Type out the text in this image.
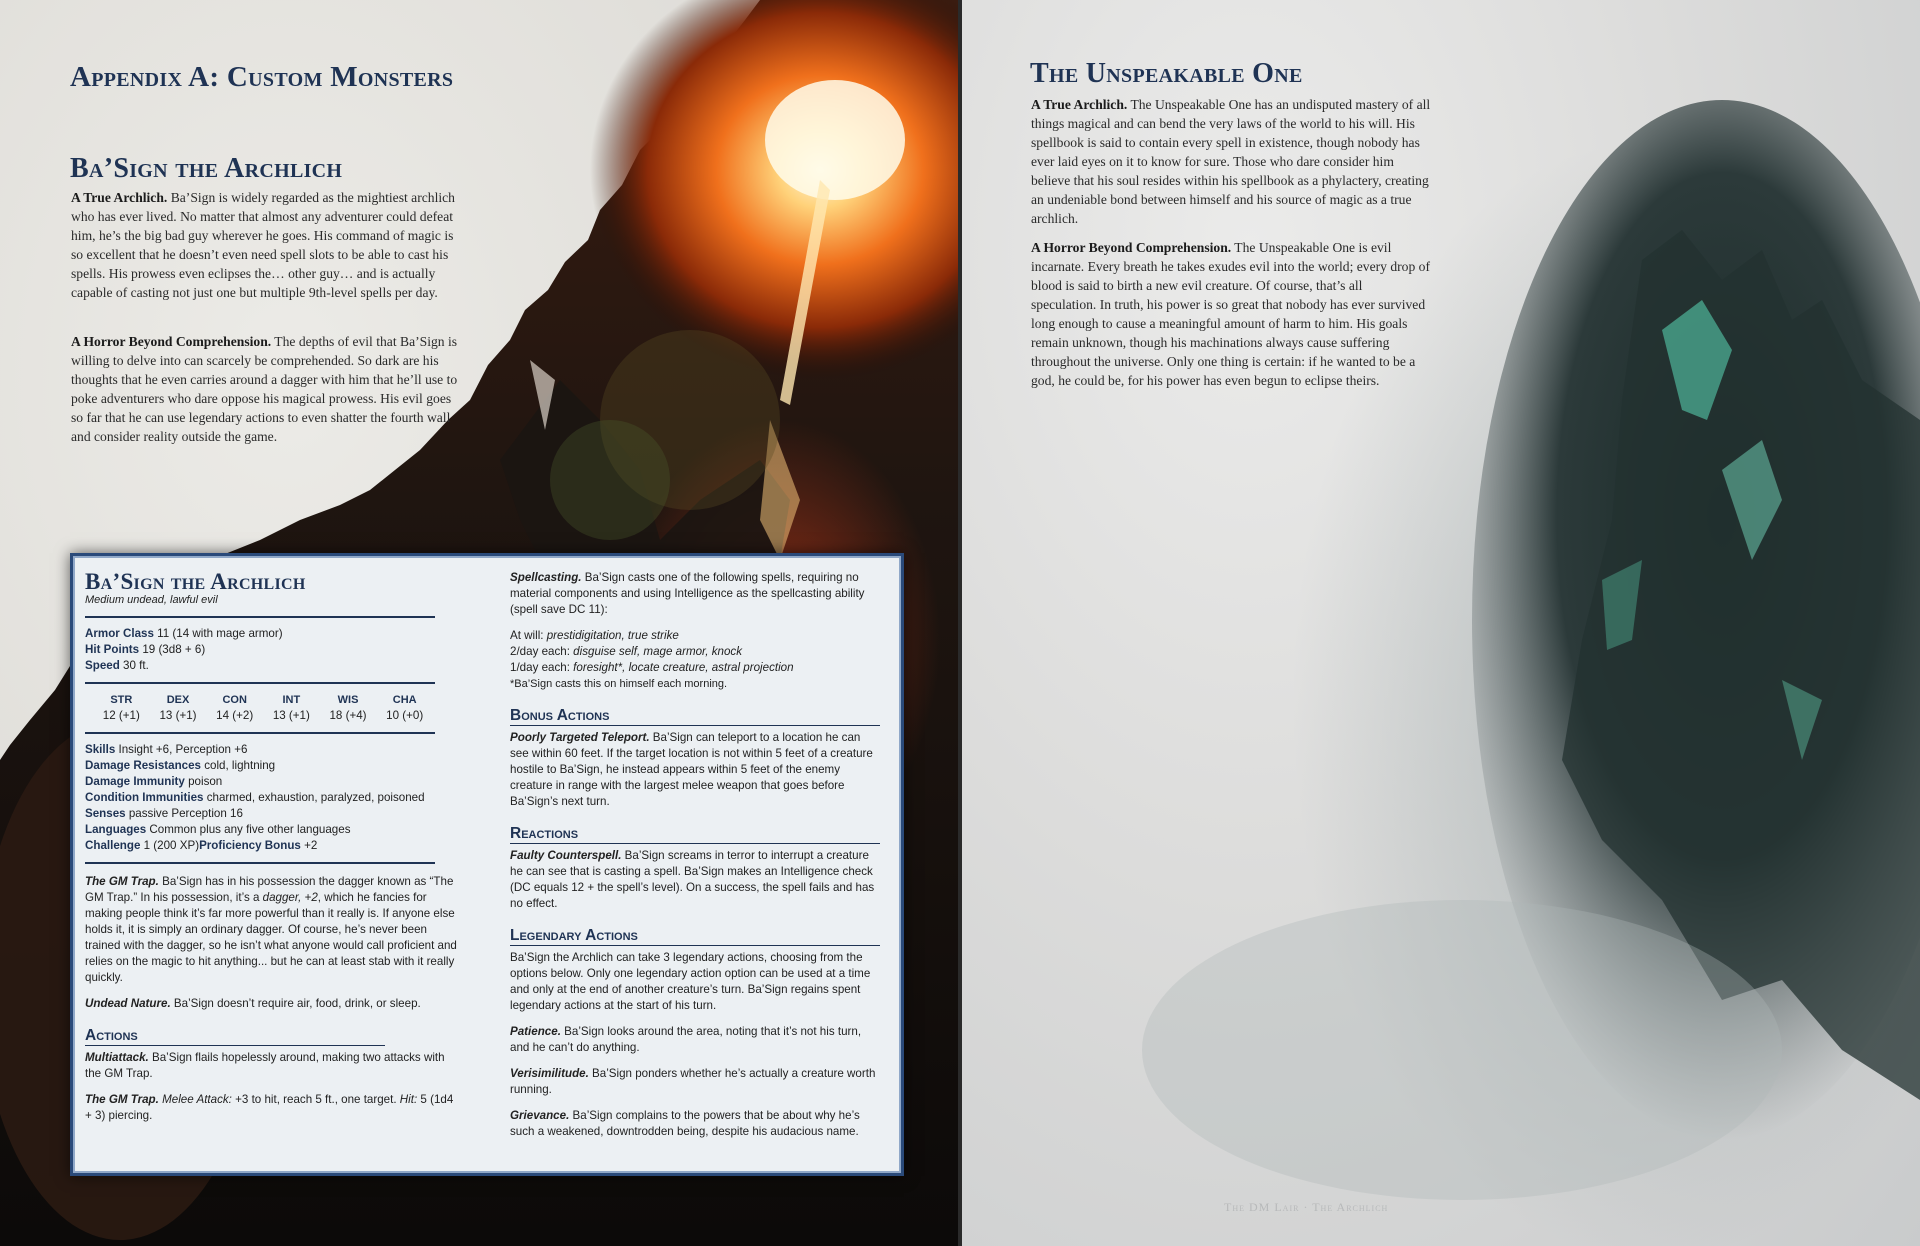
Appendix A: Custom Monsters
Ba’Sign the Archlich

A True Archlich. Ba’Sign is widely regarded as the mightiest archlich who has ever lived. No matter that almost any adventurer could defeat him, he’s the big bad guy wherever he goes. His command of magic is so excellent that he doesn’t even need spell slots to be able to cast his spells. His prowess even eclipses the… other guy… and is actually capable of casting not just one but multiple 9th-level spells per day.

A Horror Beyond Comprehension. The depths of evil that Ba’Sign is willing to delve into can scarcely be comprehended. So dark are his thoughts that he even carries around a dagger with him that he’ll use to poke adventurers who dare oppose his magical prowess. His evil goes so far that he can use legendary actions to even shatter the fourth wall and consider reality outside the game.

Ba’Sign the Archlich
Medium undead, lawful evil
Armor Class 11 (14 with mage armor)
Hit Points 19 (3d8 + 6)
Speed 30 ft.
STR
12 (+1)
DEX
13 (+1)
CON
14 (+2)
INT
13 (+1)
WIS
18 (+4)
CHA
10 (+0)
Skills Insight +6, Perception +6
Damage Resistances cold, lightning
Damage Immunity poison
Condition Immunities charmed, exhaustion, paralyzed, poisoned
Senses passive Perception 16
Languages Common plus any five other languages
Challenge 1 (200 XP)Proficiency Bonus +2
The GM Trap. Ba’Sign has in his possession the dagger known as “The GM Trap.” In his possession, it’s a dagger, +2, which he fancies for making people think it’s far more powerful than it really is. If anyone else holds it, it is simply an ordinary dagger. Of course, he’s never been trained with the dagger, so he isn’t what anyone would call proficient and relies on the magic to hit anything... but he can at least stab with it really quickly.
Undead Nature. Ba’Sign doesn’t require air, food, drink, or sleep.
Actions
Multiattack. Ba’Sign flails hopelessly around, making two attacks with the GM Trap.
The GM Trap. Melee Attack: +3 to hit, reach 5 ft., one target. Hit: 5 (1d4 + 3) piercing.
Spellcasting. Ba’Sign casts one of the following spells, requiring no material components and using Intelligence as the spellcasting ability (spell save DC 11):
At will: prestidigitation, true strike
2/day each: disguise self, mage armor, knock
1/day each: foresight*, locate creature, astral projection
*Ba’Sign casts this on himself each morning.
Bonus Actions
Poorly Targeted Teleport. Ba’Sign can teleport to a location he can see within 60 feet. If the target location is not within 5 feet of a creature hostile to Ba’Sign, he instead appears within 5 feet of the enemy creature in range with the largest melee weapon that goes before Ba’Sign’s next turn.
Reactions
Faulty Counterspell. Ba’Sign screams in terror to interrupt a creature he can see that is casting a spell. Ba’Sign makes an Intelligence check (DC equals 12 + the spell’s level). On a success, the spell fails and has no effect.
Legendary Actions
Ba’Sign the Archlich can take 3 legendary actions, choosing from the options below. Only one legendary action option can be used at a time and only at the end of another creature’s turn. Ba’Sign regains spent legendary actions at the start of his turn.
Patience. Ba’Sign looks around the area, noting that it’s not his turn, and he can’t do anything.
Verisimilitude. Ba’Sign ponders whether he’s actually a creature worth running.
Grievance. Ba’Sign complains to the powers that be about why he’s such a weakened, downtrodden being, despite his audacious name.
The Unspeakable One

A True Archlich. The Unspeakable One has an undisputed mastery of all things magical and can bend the very laws of the world to his will. His spellbook is said to contain every spell in existence, though nobody has ever laid eyes on it to know for sure. Those who dare consider him believe that his soul resides within his spellbook as a phylactery, creating an undeniable bond between himself and his source of magic as a true archlich.

A Horror Beyond Comprehension. The Unspeakable One is evil incarnate. Every breath he takes exudes evil into the world; every drop of blood is said to birth a new evil creature. Of course, that’s all speculation. In truth, his power is so great that nobody has ever survived long enough to cause a meaningful amount of harm to him. His goals remain unknown, though his machinations always cause suffering throughout the universe. Only one thing is certain: if he wanted to be a god, he could be, for his power has even begun to eclipse theirs.

The DM Lair · The Archlich
